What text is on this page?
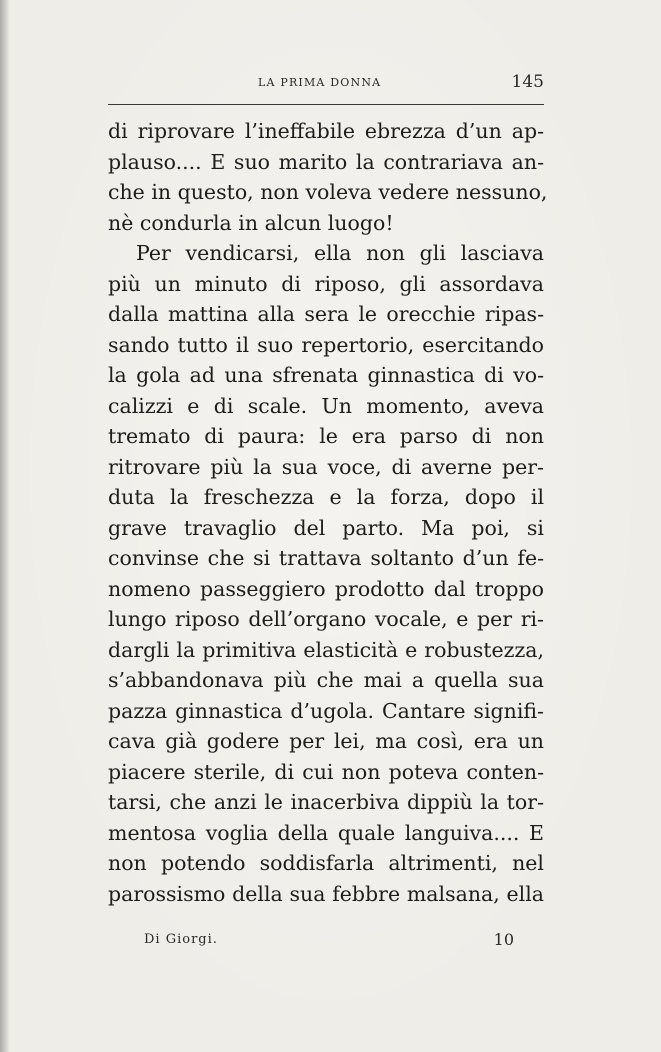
LA PRIMA DONNA	145
di riprovare l’ineffabile ebrezza d’un ap-
plauso.... E suo marito la contrariava an-
che in questo, non voleva vedere nessuno,
nè condurla in alcun luogo!
Per vendicarsi, ella non gli lasciava
più un minuto di riposo, gli assordava
dalla mattina alla sera le orecchie ripas-
sando tutto il suo repertorio, esercitando
la gola ad una sfrenata ginnastica di vo-
calizzi e di scale. Un momento, aveva
tremato di paura: le era parso di non
ritrovare più la sua voce, di averne per-
duta la freschezza e la forza, dopo il
grave travaglio del parto. Ma poi, si
convinse che si trattava soltanto d’un fe-
nomeno passeggiero prodotto dal troppo
lungo riposo dell’organo vocale, e per ri-
dargli la primitiva elasticità e robustezza,
s’abbandonava più che mai a quella sua
pazza ginnastica d’ugola. Cantare signifi-
cava già godere per lei, ma così, era un
piacere sterile, di cui non poteva conten-
tarsi, che anzi le inacerbiva dippiù la tor-
mentosa voglia della quale languiva.... E
non potendo soddisfarla altrimenti, nel
parossismo della sua febbre malsana, ella
Di Giorgi.	10
